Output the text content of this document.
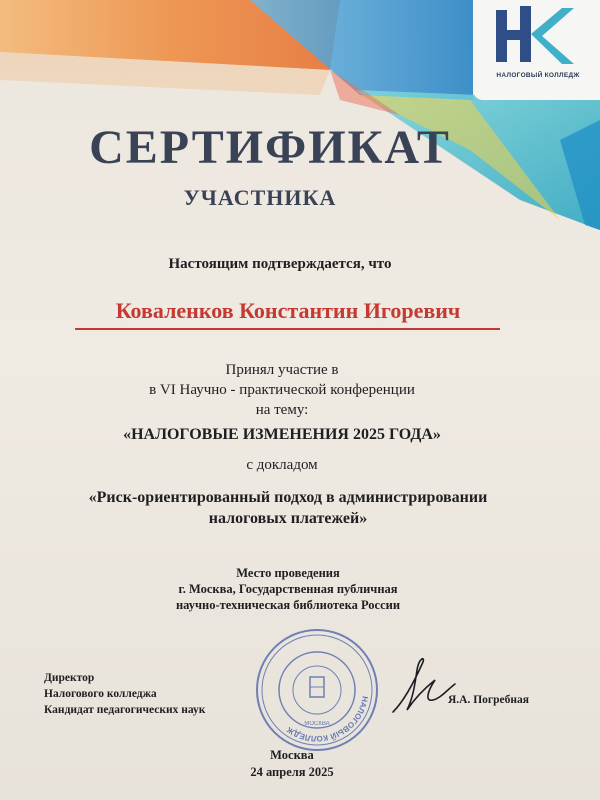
НАЛОГОВЫЙ КОЛЛЕДЖ
СЕРТИФИКАТ
УЧАСТНИКА
Настоящим подтверждается, что
Коваленков Константин Игоревич
Принял участие в
в VI Научно - практической конференции
на тему:
«НАЛОГОВЫЕ ИЗМЕНЕНИЯ 2025 ГОДА»
с докладом
«Риск-ориентированный подход в администрировании
налоговых платежей»
Место проведения
г. Москва, Государственная публичная
научно-техническая библиотека России
Директор
Налогового колледжа
Кандидат педагогических наук
НАЛОГОВЫЙ КОЛЛЕДЖ
МОСКВА
Я.А. Погребная
Москва
24 апреля 2025
